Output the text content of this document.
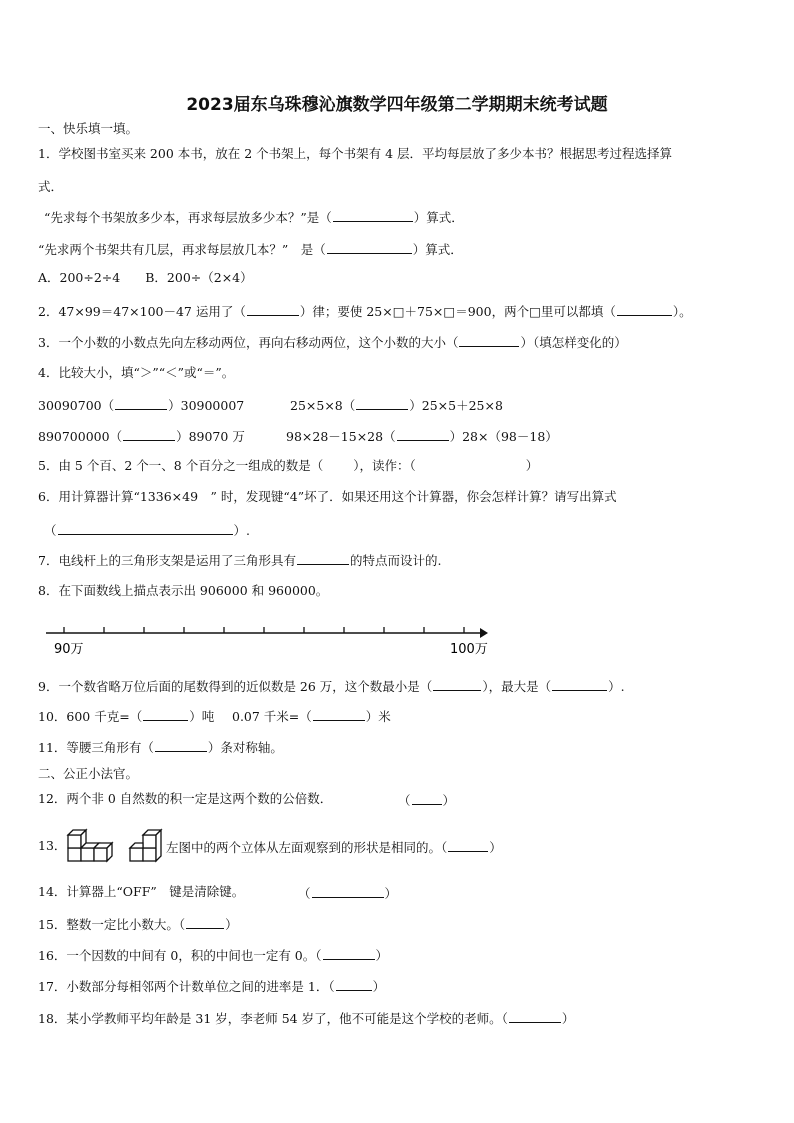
2023届东乌珠穆沁旗数学四年级第二学期期末统考试题
一、快乐填一填。
1．学校图书室买来 200 本书，放在 2 个书架上，每个书架有 4 层．平均每层放了多少本书？根据思考过程选择算
式．
“先求每个书架放多少本，再求每层放多少本？”是（	）算式．
“先求两个书架共有几层，再求每层放几本？”　是（	）算式．
A．200÷2÷4　　B．200÷（2×4）
2．47×99＝47×100－47 运用了（	）律；要使 25×□＋75×□＝900，两个□里可以都填（	）。
3．一个小数的小数点先向左移动两位，再向右移动两位，这个小数的大小（	）（填怎样变化的）
4．比较大小，填“＞”“＜”或“＝”。
30090700（	）30900007	25×5×8（	）25×5＋25×8
890700000（	）89070 万	98×28－15×28（	）28×（98－18）
5．由 5 个百、2 个一、8 个百分之一组成的数是（ ），读作：（	）
6．用计算器计算“1336×49　” 时，发现键“4”坏了．如果还用这个计算器，你会怎样计算？请写出算式
（	）.
7．电线杆上的三角形支架是运用了三角形具有	的特点而设计的.
8．在下面数线上描点表示出 906000 和 960000。
90万	100万
9．一个数省略万位后面的尾数得到的近似数是 26 万，这个数最小是（	），最大是（	）.
10．600 千克=（	）吨 0.07 千米=（	）米
11．等腰三角形有（	）条对称轴。
二、公正小法官。
12．两个非 0 自然数的积一定是这两个数的公倍数．	（	）
13．	左图中的两个立体从左面观察到的形状是相同的。（	）
14．计算器上“OFF”　键是清除键。	（	）
15．整数一定比小数大。（	）
16．一个因数的中间有 0，积的中间也一定有 0。（	）
17．小数部分每相邻两个计数单位之间的进率是 1．（	）
18．某小学教师平均年龄是 31 岁，李老师 54 岁了，他不可能是这个学校的老师。（	）
